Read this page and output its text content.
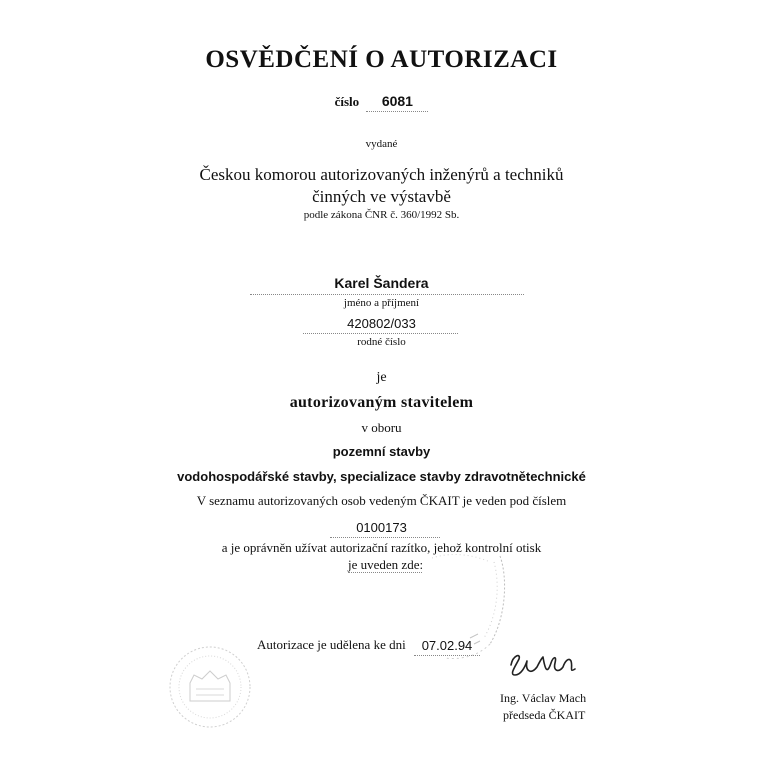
OSVĚDČENÍ O AUTORIZACI
číslo 6081
vydané
Českou komorou autorizovaných inženýrů a techniků
činných ve výstavbě
podle zákona ČNR č. 360/1992 Sb.
Karel Šandera
jméno a příjmení
420802/033
rodné číslo
je
autorizovaným stavitelem
v oboru
pozemní stavby
vodohospodářské stavby, specializace stavby zdravotnětechnické
V seznamu autorizovaných osob vedeným ČKAIT je veden pod číslem
0100173
a je oprávněn užívat autorizační razítko, jehož kontrolní otisk
je uveden zde:
Autorizace je udělena ke dni	07.02.94
Ing. Václav Mach
předseda ČKAIT
